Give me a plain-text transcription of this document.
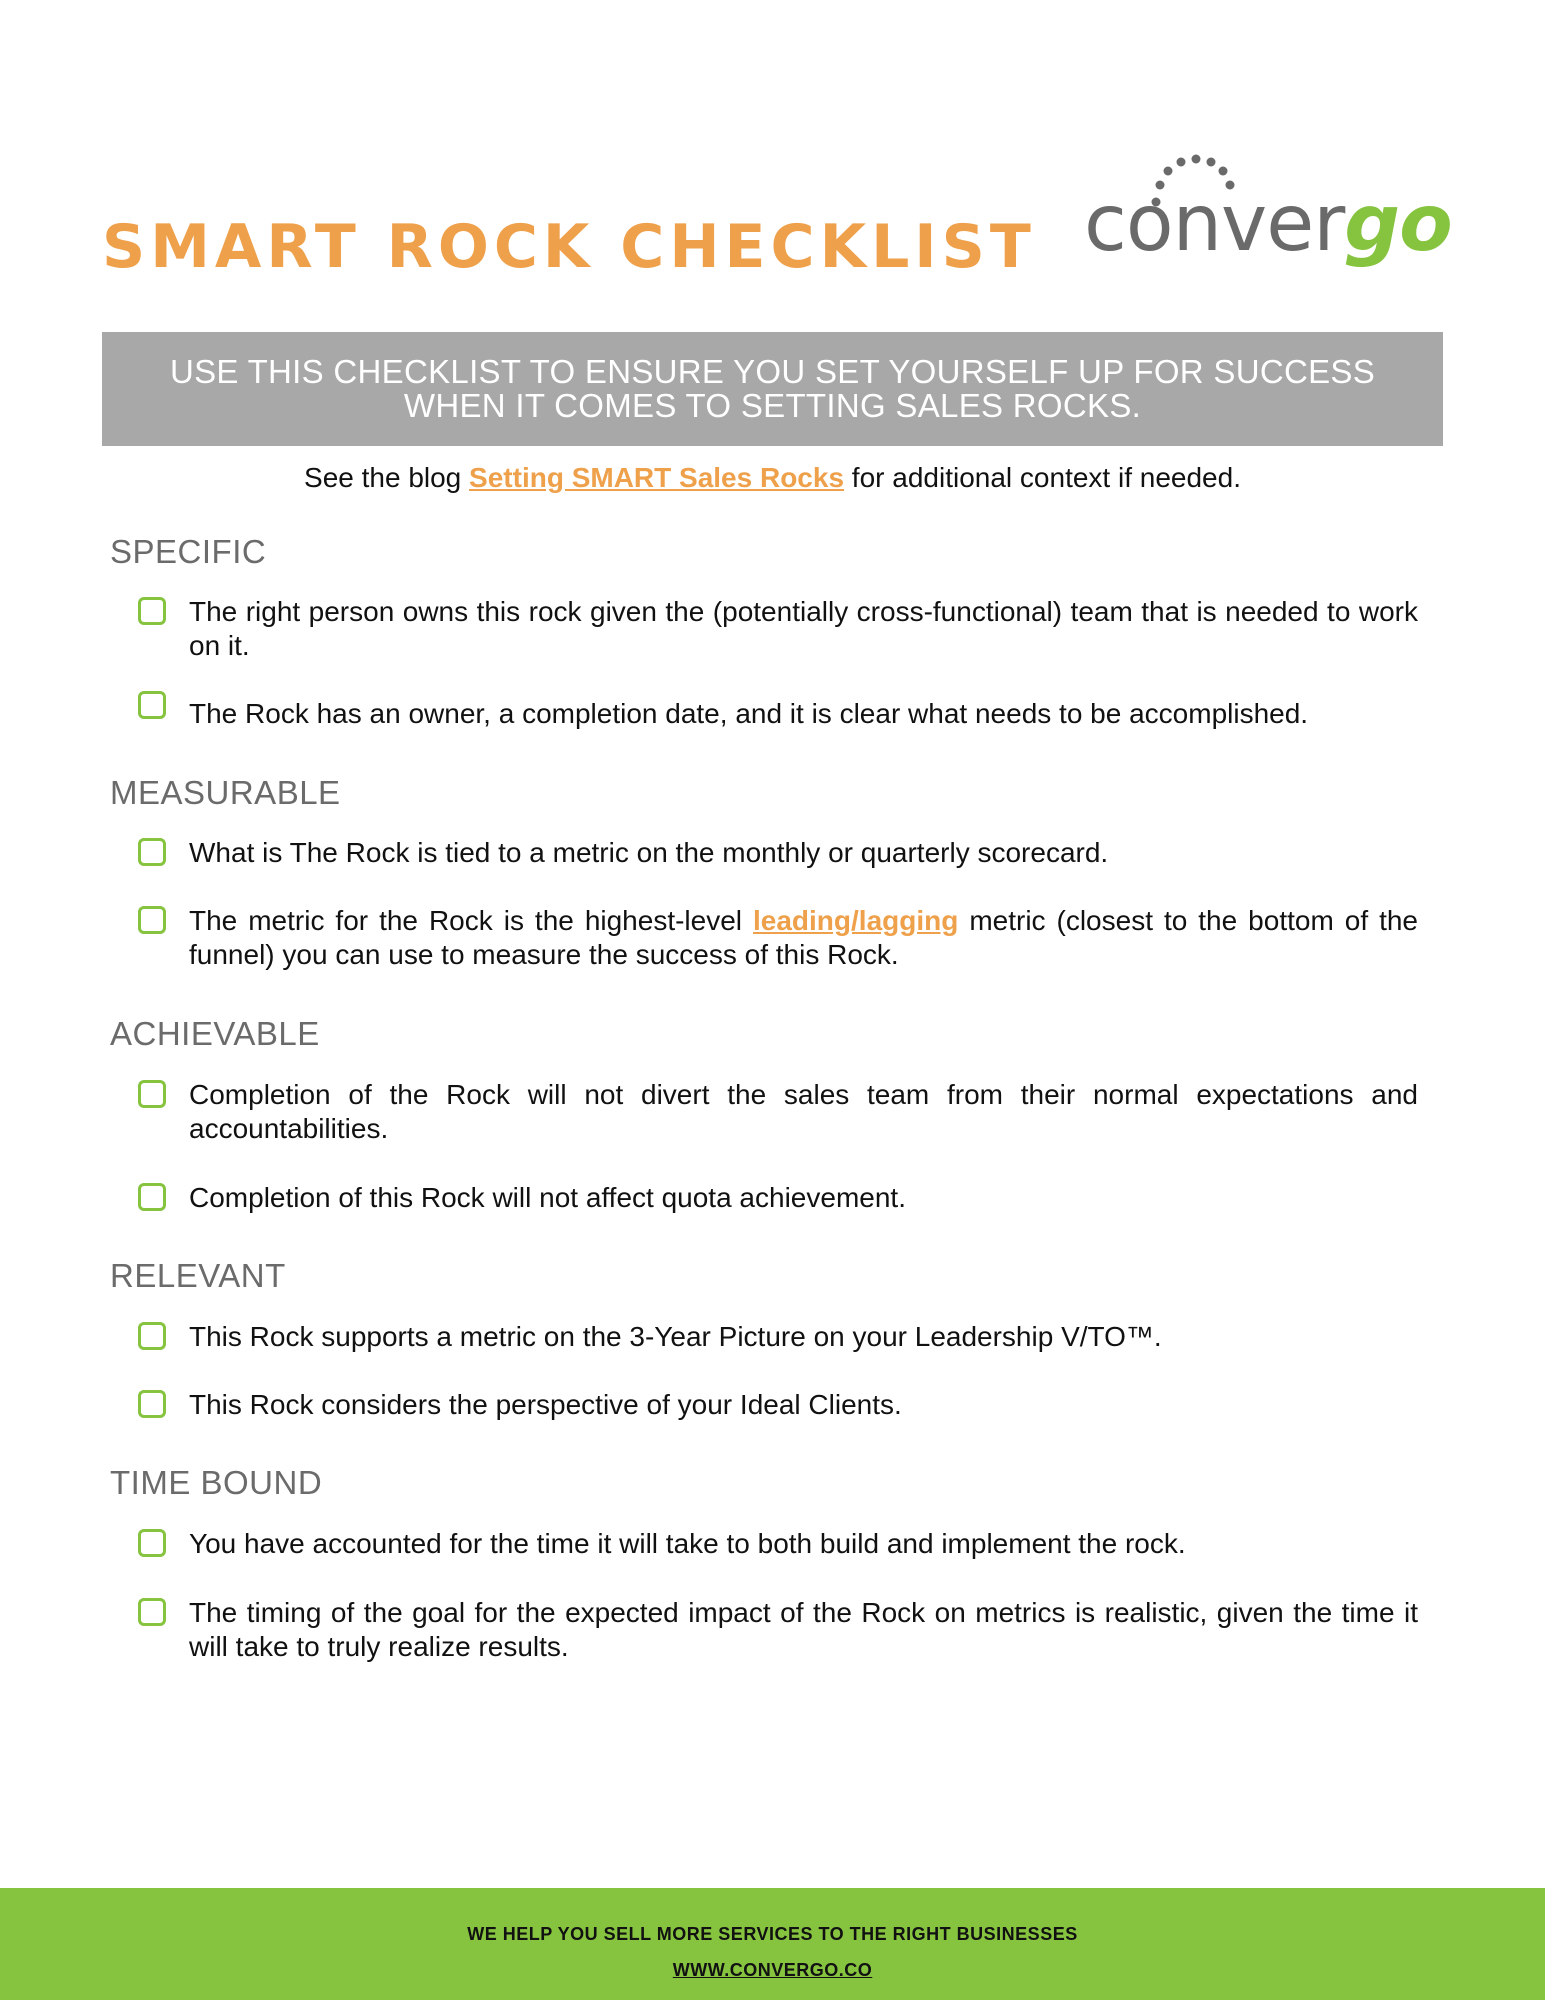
SMART ROCK CHECKLIST convergo
USE THIS CHECKLIST TO ENSURE YOU SET YOURSELF UP FOR SUCCESS
WHEN IT COMES TO SETTING SALES ROCKS.
See the blog Setting SMART Sales Rocks for additional context if needed.
SPECIFIC
The right person owns this rock given the (potentially cross-functional) team that is needed to work on it.
The Rock has an owner, a completion date, and it is clear what needs to be accomplished.
MEASURABLE
What is The Rock is tied to a metric on the monthly or quarterly scorecard.
The metric for the Rock is the highest-level leading/lagging metric (closest to the bottom of the funnel) you can use to measure the success of this Rock.
ACHIEVABLE
Completion of the Rock will not divert the sales team from their normal expectations and accountabilities.
Completion of this Rock will not affect quota achievement.
RELEVANT
This Rock supports a metric on the 3-Year Picture on your Leadership V/TO™.
This Rock considers the perspective of your Ideal Clients.
TIME BOUND
You have accounted for the time it will take to both build and implement the rock.
The timing of the goal for the expected impact of the Rock on metrics is realistic, given the time it will take to truly realize results.
WE HELP YOU SELL MORE SERVICES TO THE RIGHT BUSINESSES
WWW.CONVERGO.CO
